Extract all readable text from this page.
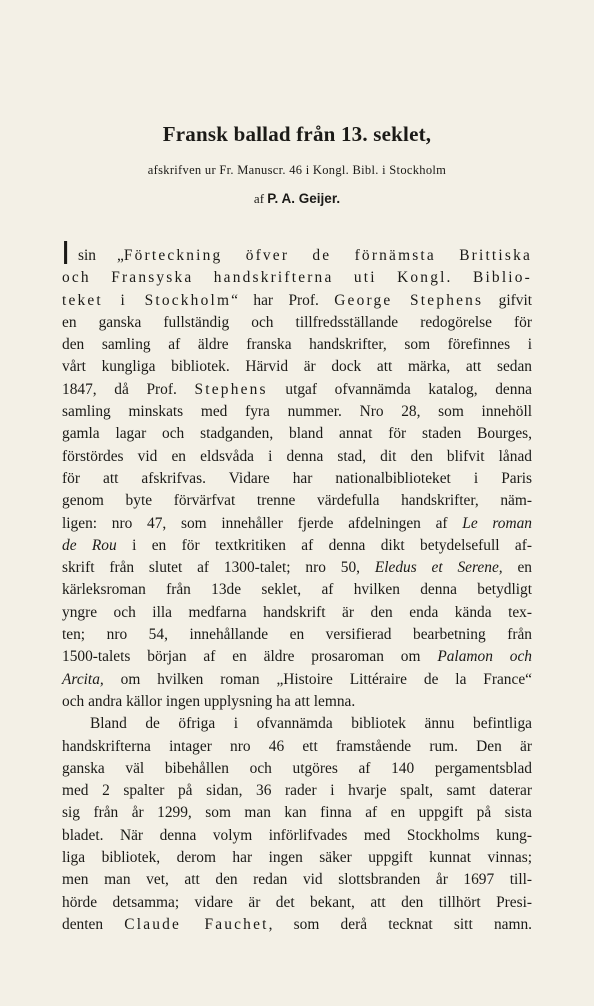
Fransk ballad från 13. seklet,
afskrifven ur Fr. Manuscr. 46 i Kongl. Bibl. i Stockholm
af P. A. Geijer.
I sin „Förteckning öfver de förnämsta Brittiska
och Fransyska handskrifterna uti Kongl. Biblio-
teket i Stockholm“ har Prof. George Stephens gifvit
en ganska fullständig och tillfredsställande redogörelse för
den samling af äldre franska handskrifter, som förefinnes i
vårt kungliga bibliotek. Härvid är dock att märka, att sedan
1847, då Prof. Stephens utgaf ofvannämda katalog, denna
samling minskats med fyra nummer. Nro 28, som innehöll
gamla lagar och stadganden, bland annat för staden Bourges,
förstördes vid en eldsvåda i denna stad, dit den blifvit lånad
för att afskrifvas. Vidare har nationalbiblioteket i Paris
genom byte förvärfvat trenne värdefulla handskrifter, näm-
ligen: nro 47, som innehåller fjerde afdelningen af Le roman
de Rou i en för textkritiken af denna dikt betydelsefull af-
skrift från slutet af 1300-talet; nro 50, Eledus et Serene, en
kärleksroman från 13de seklet, af hvilken denna betydligt
yngre och illa medfarna handskrift är den enda kända tex-
ten; nro 54, innehållande en versifierad bearbetning från
1500-talets början af en äldre prosaroman om Palamon och
Arcita, om hvilken roman „Histoire Littéraire de la France“
och andra källor ingen upplysning ha att lemna.
Bland de öfriga i ofvannämda bibliotek ännu befintliga
handskrifterna intager nro 46 ett framstående rum. Den är
ganska väl bibehållen och utgöres af 140 pergamentsblad
med 2 spalter på sidan, 36 rader i hvarje spalt, samt daterar
sig från år 1299, som man kan finna af en uppgift på sista
bladet. När denna volym införlifvades med Stockholms kung-
liga bibliotek, derom har ingen säker uppgift kunnat vinnas;
men man vet, att den redan vid slottsbranden år 1697 till-
hörde detsamma; vidare är det bekant, att den tillhört Presi-
denten Claude Fauchet, som derå tecknat sitt namn.
